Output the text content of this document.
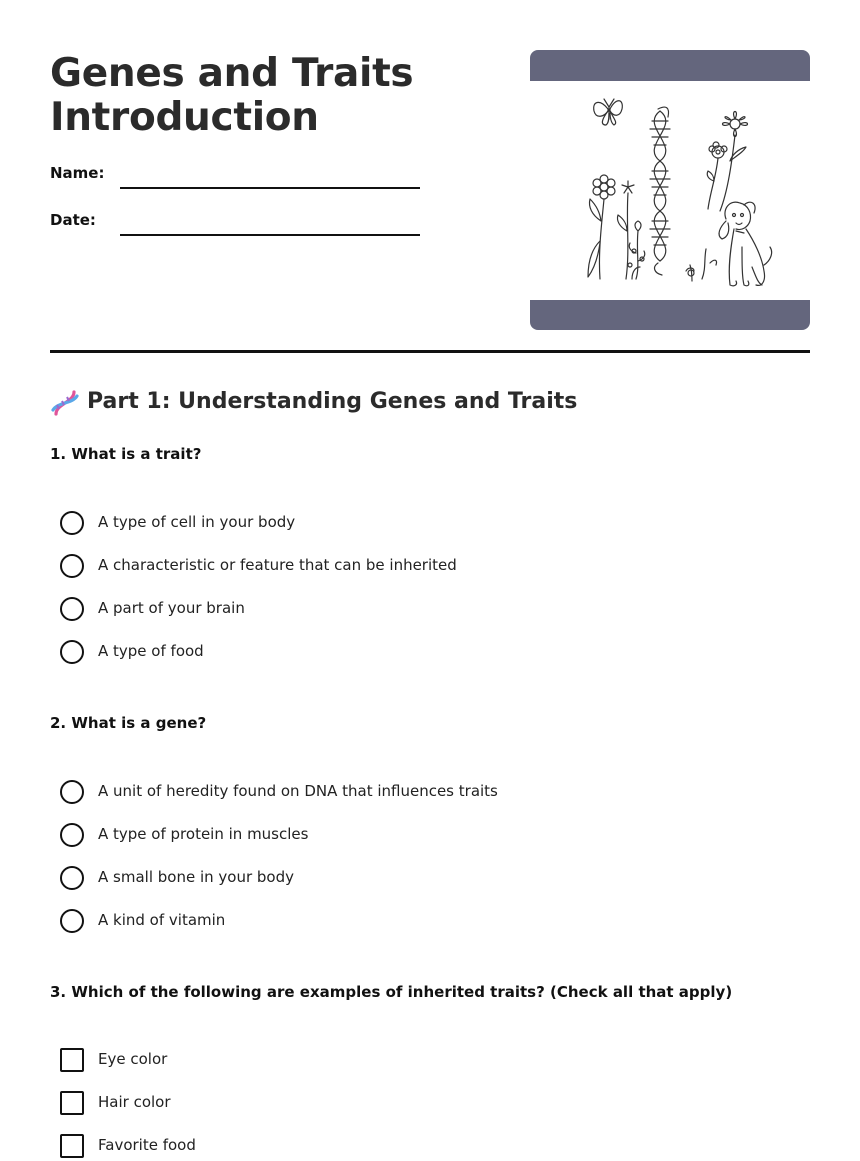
Genes and Traits
Introduction
Name:
Date:
Part 1: Understanding Genes and Traits
1. What is a trait?
A type of cell in your body
A characteristic or feature that can be inherited
A part of your brain
A type of food
2. What is a gene?
A unit of heredity found on DNA that influences traits
A type of protein in muscles
A small bone in your body
A kind of vitamin
3. Which of the following are examples of inherited traits? (Check all that apply)
Eye color
Hair color
Favorite food
